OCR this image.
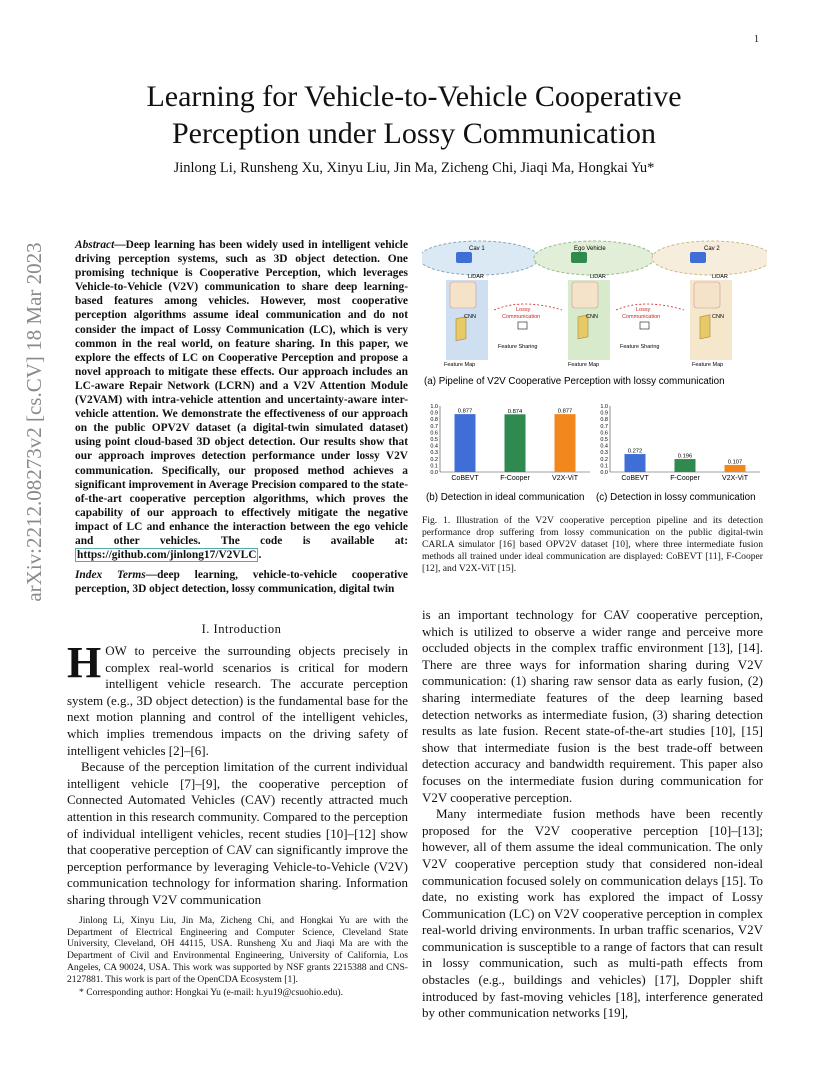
1
arXiv:2212.08273v2 [cs.CV] 18 Mar 2023
Learning for Vehicle-to-Vehicle Cooperative
Perception under Lossy Communication
Jinlong Li, Runsheng Xu, Xinyu Liu, Jin Ma, Zicheng Chi, Jiaqi Ma, Hongkai Yu*
Abstract—Deep learning has been widely used in intelligent vehicle driving perception systems, such as 3D object detection. One promising technique is Cooperative Perception, which leverages Vehicle-to-Vehicle (V2V) communication to share deep learning-based features among vehicles. However, most cooperative perception algorithms assume ideal communication and do not consider the impact of Lossy Communication (LC), which is very common in the real world, on feature sharing. In this paper, we explore the effects of LC on Cooperative Perception and propose a novel approach to mitigate these effects. Our approach includes an LC-aware Repair Network (LCRN) and a V2V Attention Module (V2VAM) with intra-vehicle attention and uncertainty-aware inter-vehicle attention. We demonstrate the effectiveness of our approach on the public OPV2V dataset (a digital-twin simulated dataset) using point cloud-based 3D object detection. Our results show that our approach improves detection performance under lossy V2V communication. Specifically, our proposed method achieves a significant improvement in Average Precision compared to the state-of-the-art cooperative perception algorithms, which proves the capability of our approach to effectively mitigate the negative impact of LC and enhance the interaction between the ego vehicle and other vehicles. The code is available at: https://github.com/jinlong17/V2VLC .
Index Terms—deep learning, vehicle-to-vehicle cooperative perception, 3D object detection, lossy communication, digital twin
I. Introduction

HOW to perceive the surrounding objects precisely in complex real-world scenarios is critical for modern intelligent vehicle research. The accurate perception system (e.g., 3D object detection) is the fundamental base for the next motion planning and control of the intelligent vehicles, which implies tremendous impacts on the driving safety of intelligent vehicles [2]–[6].

Because of the perception limitation of the current individual intelligent vehicle [7]–[9], the cooperative perception of Connected Automated Vehicles (CAV) recently attracted much attention in this research community. Compared to the perception of individual intelligent vehicles, recent studies [10]–[12] show that cooperative perception of CAV can significantly improve the perception performance by leveraging Vehicle-to-Vehicle (V2V) communication technology for information sharing. Information sharing through V2V communication

Jinlong Li, Xinyu Liu, Jin Ma, Zicheng Chi, and Hongkai Yu are with the Department of Electrical Engineering and Computer Science, Cleveland State University, Cleveland, OH 44115, USA. Runsheng Xu and Jiaqi Ma are with the Department of Civil and Environmental Engineering, University of California, Los Angeles, CA 90024, USA. This work was supported by NSF grants 2215388 and CNS-2127881. This work is part of the OpenCDA Ecosystem [1].

* Corresponding author: Hongkai Yu (e-mail: h.yu19@csuohio.edu).

is an important technology for CAV cooperative perception, which is utilized to observe a wider range and perceive more occluded objects in the complex traffic environment [13], [14]. There are three ways for information sharing during V2V communication: (1) sharing raw sensor data as early fusion, (2) sharing intermediate features of the deep learning based detection networks as intermediate fusion, (3) sharing detection results as late fusion. Recent state-of-the-art studies [10], [15] show that intermediate fusion is the best trade-off between detection accuracy and bandwidth requirement. This paper also focuses on the intermediate fusion during communication for V2V cooperative perception.

Many intermediate fusion methods have been recently proposed for the V2V cooperative perception [10]–[13]; however, all of them assume the ideal communication. The only V2V cooperative perception study that considered non-ideal communication focused solely on communication delays [15]. To date, no existing work has explored the impact of Lossy Communication (LC) on V2V cooperative perception in complex real-world driving environments. In urban traffic scenarios, V2V communication is susceptible to a range of factors that can result in lossy communication, such as multi-path effects from obstacles (e.g., buildings and vehicles) [17], Doppler shift introduced by fast-moving vehicles [18], interference generated by other communication networks [19],

Cav 1	Ego Vehicle	Cav 2
LiDAR	LiDAR	LiDAR
CNN	CNN	CNN
Feature Map	Feature Map	Feature Map
Lossy
Communication
Lossy
Communication
Feature Sharing	Feature Sharing
(a) Pipeline of V2V Cooperative Perception with lossy communication
0.0
0.1
0.2
0.3
0.4
0.5
0.6
0.7
0.8
0.9
1.0
0.877
CoBEVT
0.874
F-Cooper
0.877
V2X-ViT
0.0
0.1
0.2
0.3
0.4
0.5
0.6
0.7
0.8
0.9
1.0
0.272
CoBEVT
0.196
F-Cooper
0.107
V2X-ViT
(b) Detection in ideal communication (c) Detection in lossy communication
Fig. 1. Illustration of the V2V cooperative perception pipeline and its detection performance drop suffering from lossy communication on the public digital-twin CARLA simulator [16] based OPV2V dataset [10], where three intermediate fusion methods all trained under ideal communication are displayed: CoBEVT [11], F-Cooper [12], and V2X-ViT [15].
